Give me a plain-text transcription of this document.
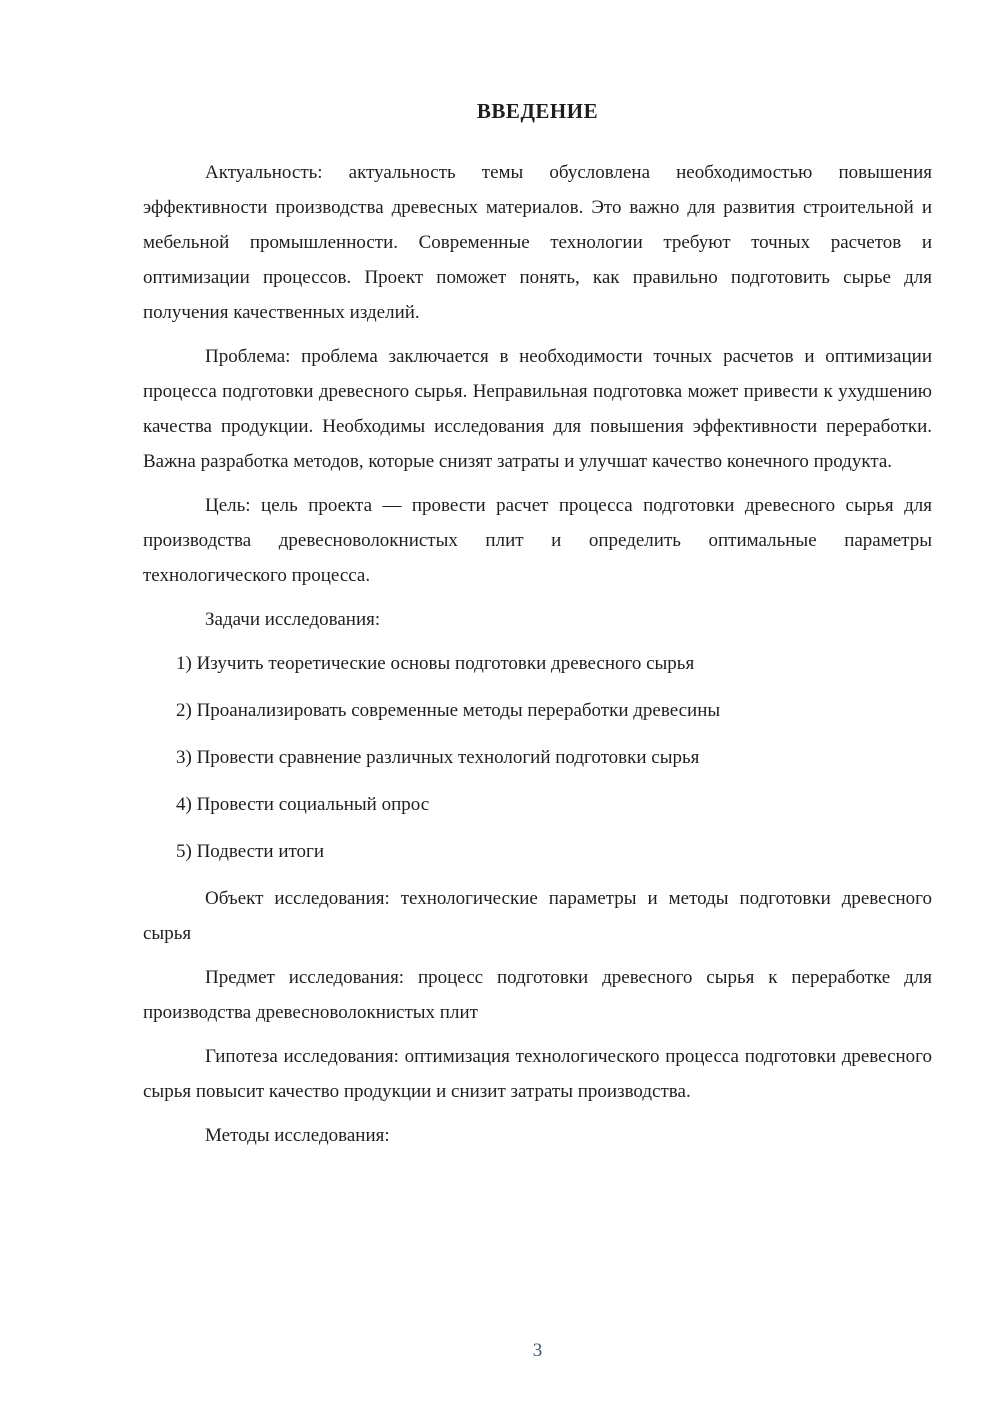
ВВЕДЕНИЕ

Актуальность: актуальность темы обусловлена необходимостью повышения эффективности производства древесных материалов. Это важно для развития строительной и мебельной промышленности. Современные технологии требуют точных расчетов и оптимизации процессов. Проект поможет понять, как правильно подготовить сырье для получения качественных изделий.

Проблема: проблема заключается в необходимости точных расчетов и оптимизации процесса подготовки древесного сырья. Неправильная подготовка может привести к ухудшению качества продукции. Необходимы исследования для повышения эффективности переработки. Важна разработка методов, которые снизят затраты и улучшат качество конечного продукта.

Цель: цель проекта — провести расчет процесса подготовки древесного сырья для производства древесноволокнистых плит и определить оптимальные параметры технологического процесса.

Задачи исследования:

1) Изучить теоретические основы подготовки древесного сырья

2) Проанализировать современные методы переработки древесины

3) Провести сравнение различных технологий подготовки сырья

4) Провести социальный опрос

5) Подвести итоги

Объект исследования: технологические параметры и методы подготовки древесного сырья

Предмет исследования: процесс подготовки древесного сырья к переработке для производства древесноволокнистых плит

Гипотеза исследования: оптимизация технологического процесса подготовки древесного сырья повысит качество продукции и снизит затраты производства.

Методы исследования:

3
